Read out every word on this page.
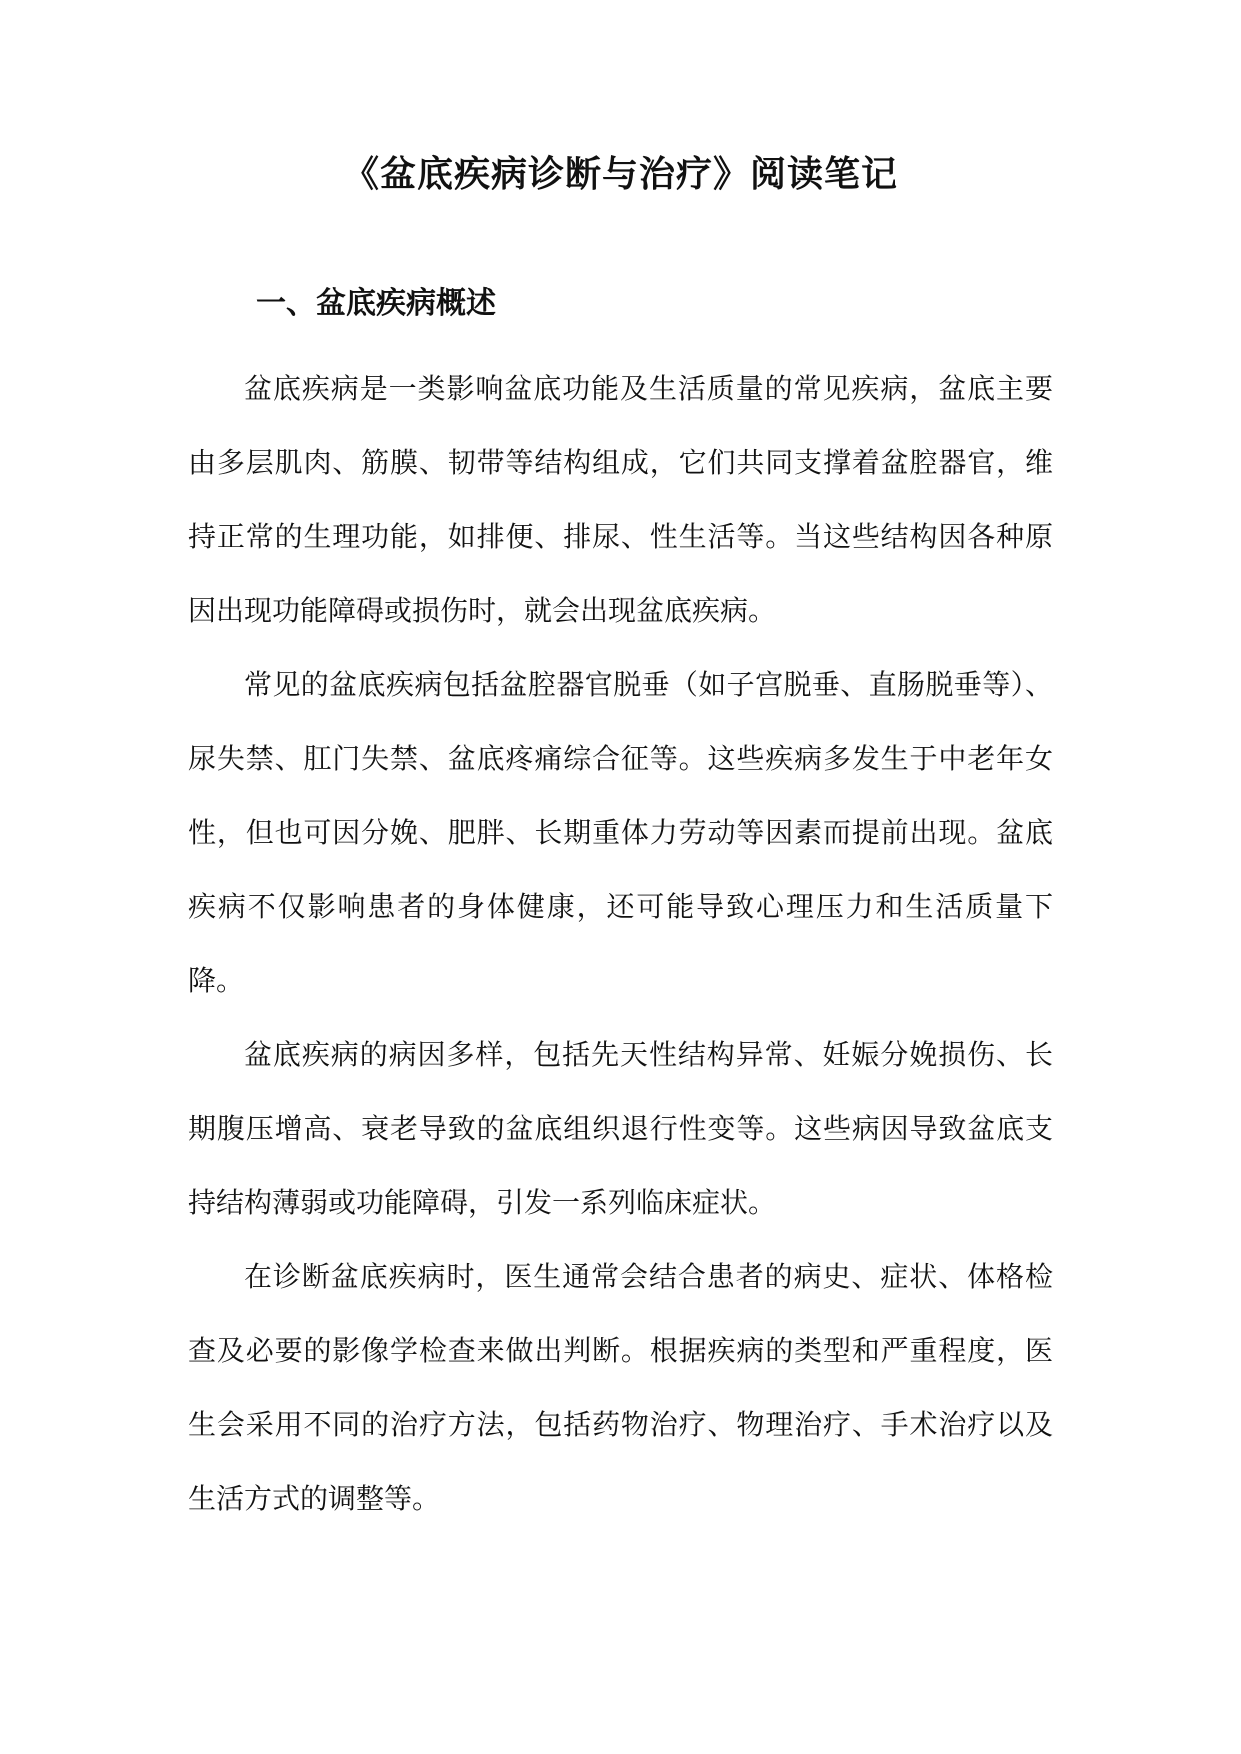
《盆底疾病诊断与治疗》阅读笔记
一、盆底疾病概述

盆底疾病是一类影响盆底功能及生活质量的常见疾病，盆底主要由多层肌肉、筋膜、韧带等结构组成，它们共同支撑着盆腔器官，维持正常的生理功能，如排便、排尿、性生活等。当这些结构因各种原因出现功能障碍或损伤时，就会出现盆底疾病。

常见的盆底疾病包括盆腔器官脱垂（如子宫脱垂、直肠脱垂等）、尿失禁、肛门失禁、盆底疼痛综合征等。这些疾病多发生于中老年女性，但也可因分娩、肥胖、长期重体力劳动等因素而提前出现。盆底疾病不仅影响患者的身体健康，还可能导致心理压力和生活质量下降。

盆底疾病的病因多样，包括先天性结构异常、妊娠分娩损伤、长期腹压增高、衰老导致的盆底组织退行性变等。这些病因导致盆底支持结构薄弱或功能障碍，引发一系列临床症状。

在诊断盆底疾病时，医生通常会结合患者的病史、症状、体格检查及必要的影像学检查来做出判断。根据疾病的类型和严重程度，医生会采用不同的治疗方法，包括药物治疗、物理治疗、手术治疗以及生活方式的调整等。
